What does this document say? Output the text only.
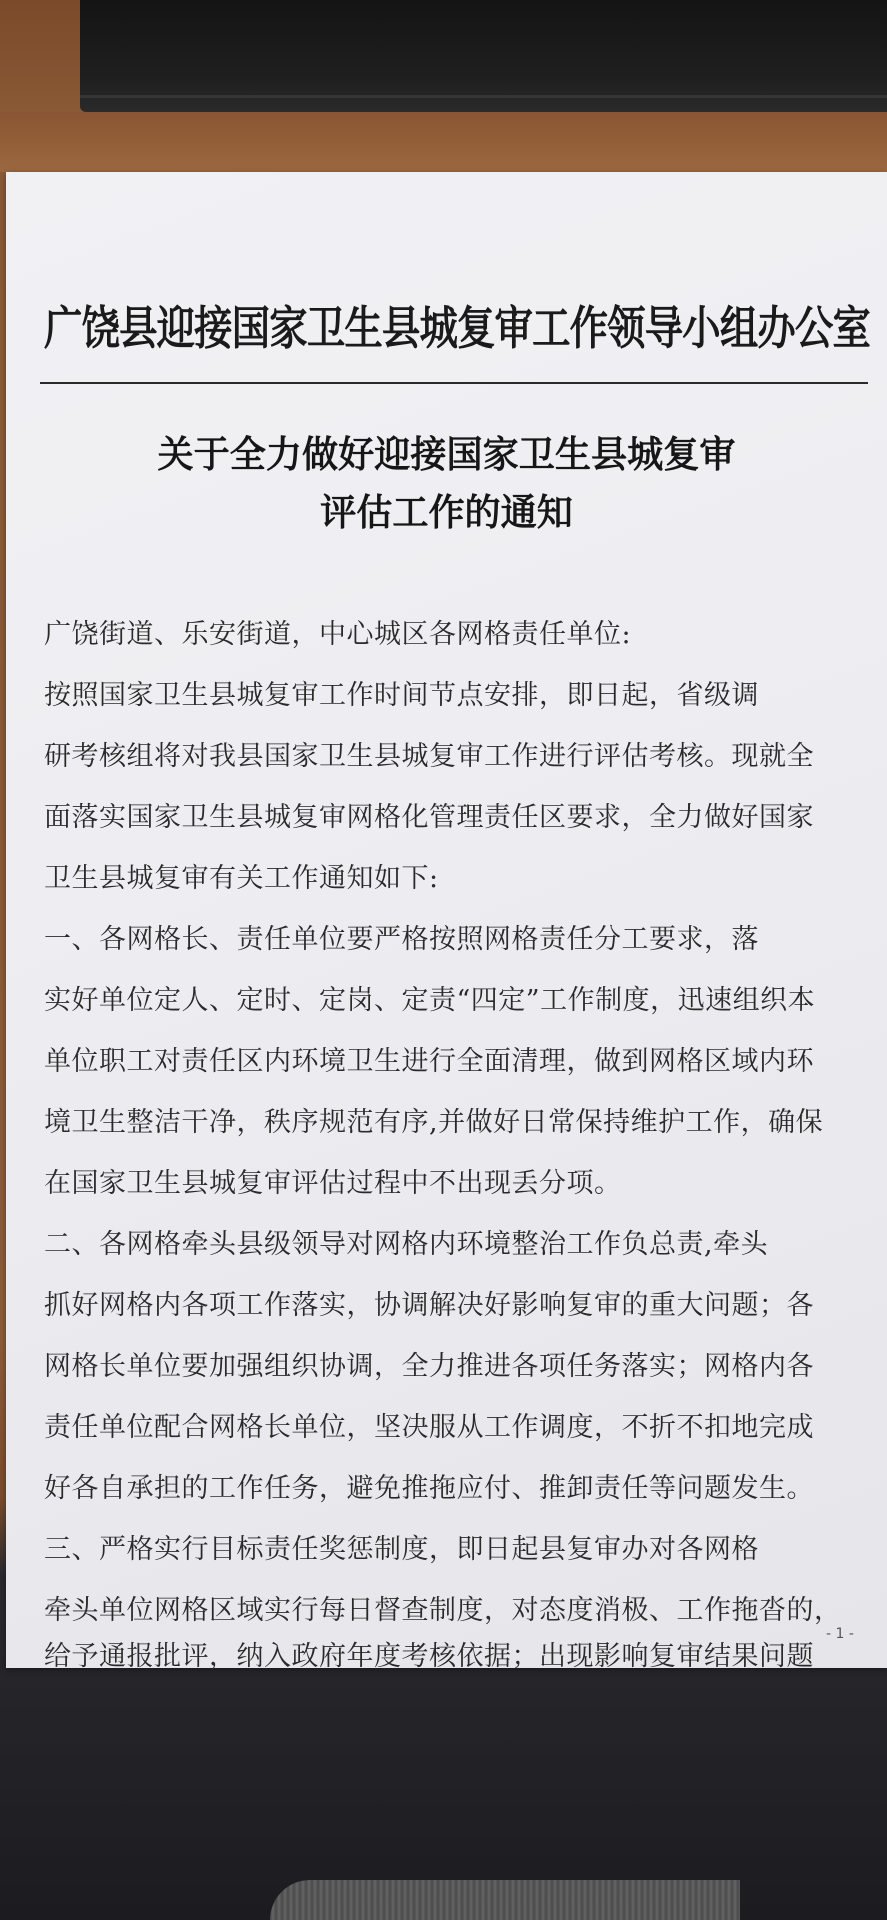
广饶县迎接国家卫生县城复审工作领导小组办公室
关于全力做好迎接国家卫生县城复审
评估工作的通知
广饶街道、乐安街道，中心城区各网格责任单位:
按照国家卫生县城复审工作时间节点安排，即日起，省级调
研考核组将对我县国家卫生县城复审工作进行评估考核。现就全
面落实国家卫生县城复审网格化管理责任区要求，全力做好国家
卫生县城复审有关工作通知如下:
一、各网格长、责任单位要严格按照网格责任分工要求，落
实好单位定人、定时、定岗、定责“四定”工作制度，迅速组织本
单位职工对责任区内环境卫生进行全面清理，做到网格区域内环
境卫生整洁干净，秩序规范有序,并做好日常保持维护工作，确保
在国家卫生县城复审评估过程中不出现丢分项。
二、各网格牵头县级领导对网格内环境整治工作负总责,牵头
抓好网格内各项工作落实，协调解决好影响复审的重大问题；各
网格长单位要加强组织协调，全力推进各项任务落实；网格内各
责任单位配合网格长单位，坚决服从工作调度，不折不扣地完成
好各自承担的工作任务，避免推拖应付、推卸责任等问题发生。
三、严格实行目标责任奖惩制度，即日起县复审办对各网格
牵头单位网格区域实行每日督查制度，对态度消极、工作拖沓的，
给予通报批评，纳入政府年度考核依据；出现影响复审结果问题
- 1 -
